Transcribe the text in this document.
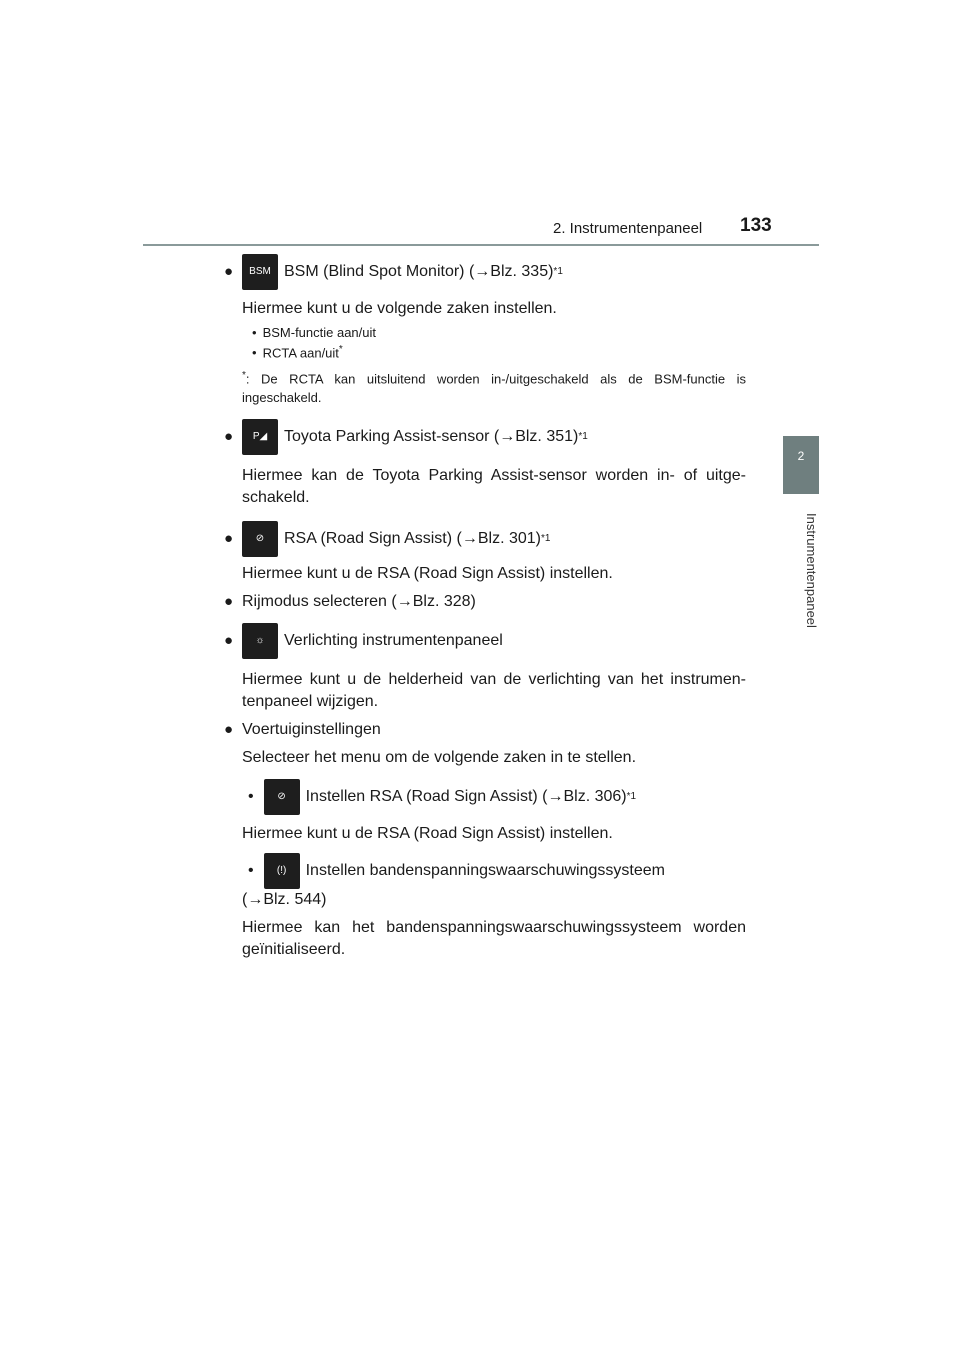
2. Instrumentenpaneel 133
2
Instrumentenpaneel
●	BSM BSM (Blind Spot Monitor) (→Blz. 335) *1
Hiermee kunt u de volgende zaken instellen.
• BSM-functie aan/uit
• RCTA aan/uit*
*: De RCTA kan uitsluitend worden in-/uitgeschakeld als de BSM-functie is ingeschakeld.
●	P◢	Toyota Parking Assist-sensor (→Blz. 351) *1
Hiermee kan de Toyota Parking Assist-sensor worden in- of uitge-schakeld.
●	⊘	RSA (Road Sign Assist) (→Blz. 301) *1
Hiermee kunt u de RSA (Road Sign Assist) instellen.
● Rijmodus selecteren (→Blz. 328)
●	☼	Verlichting instrumentenpaneel
Hiermee kunt u de helderheid van de verlichting van het instrumen-tenpaneel wijzigen.
● Voertuiginstellingen
Selecteer het menu om de volgende zaken in te stellen.
•	⊘	Instellen RSA (Road Sign Assist) (→Blz. 306) *1
Hiermee kunt u de RSA (Road Sign Assist) instellen.
•	(!)	Instellen bandenspanningswaarschuwingssysteem
(→Blz. 544)
Hiermee kan het bandenspanningswaarschuwingssysteem worden geïnitialiseerd.
